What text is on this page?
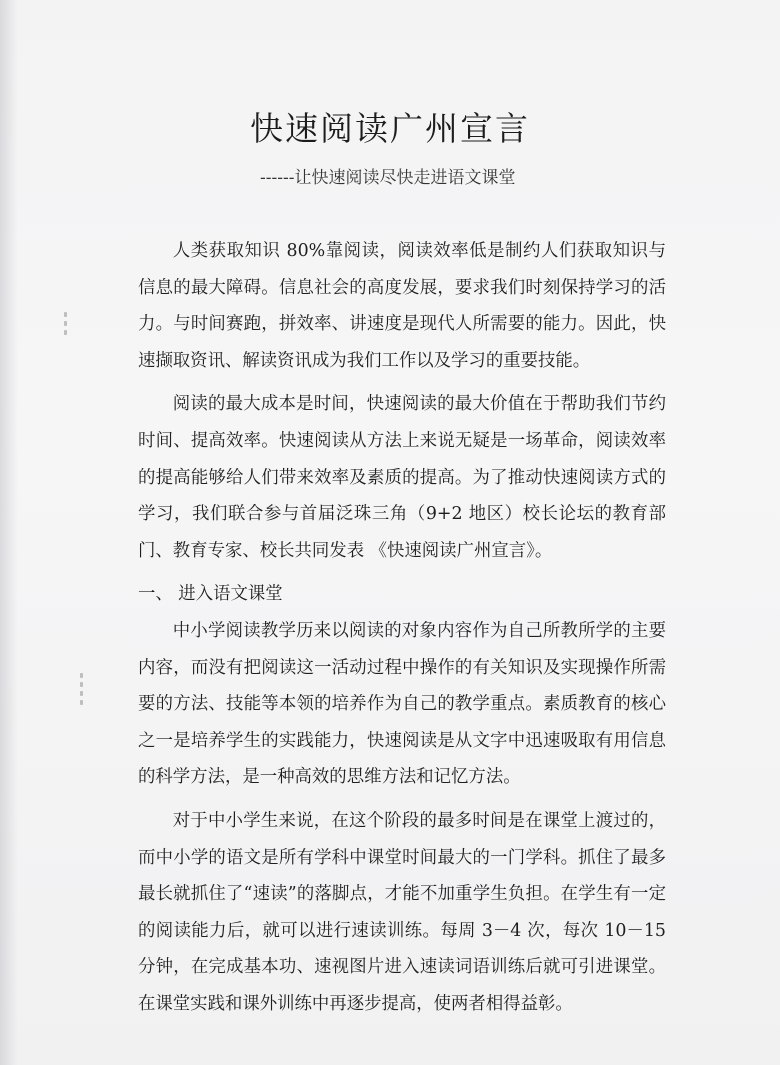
快速阅读广州宣言
------让快速阅读尽快走进语文课堂

人类获取知识 80%靠阅读，阅读效率低是制约人们获取知识与信息的最大障碍。信息社会的高度发展，要求我们时刻保持学习的活力。与时间赛跑，拼效率、讲速度是现代人所需要的能力。因此，快速撷取资讯、解读资讯成为我们工作以及学习的重要技能。

阅读的最大成本是时间，快速阅读的最大价值在于帮助我们节约时间、提高效率。快速阅读从方法上来说无疑是一场革命，阅读效率的提高能够给人们带来效率及素质的提高。为了推动快速阅读方式的学习，我们联合参与首届泛珠三角（9+2 地区）校长论坛的教育部门、教育专家、校长共同发表 《快速阅读广州宣言》。

一、 进入语文课堂

中小学阅读教学历来以阅读的对象内容作为自己所教所学的主要内容，而没有把阅读这一活动过程中操作的有关知识及实现操作所需要的方法、技能等本领的培养作为自己的教学重点。素质教育的核心之一是培养学生的实践能力，快速阅读是从文字中迅速吸取有用信息的科学方法，是一种高效的思维方法和记忆方法。

对于中小学生来说，在这个阶段的最多时间是在课堂上渡过的，而中小学的语文是所有学科中课堂时间最大的一门学科。抓住了最多最长就抓住了“速读”的落脚点，才能不加重学生负担。在学生有一定的阅读能力后，就可以进行速读训练。每周 3－4 次，每次 10－15 分钟，在完成基本功、速视图片进入速读词语训练后就可引进课堂。在课堂实践和课外训练中再逐步提高，使两者相得益彰。
